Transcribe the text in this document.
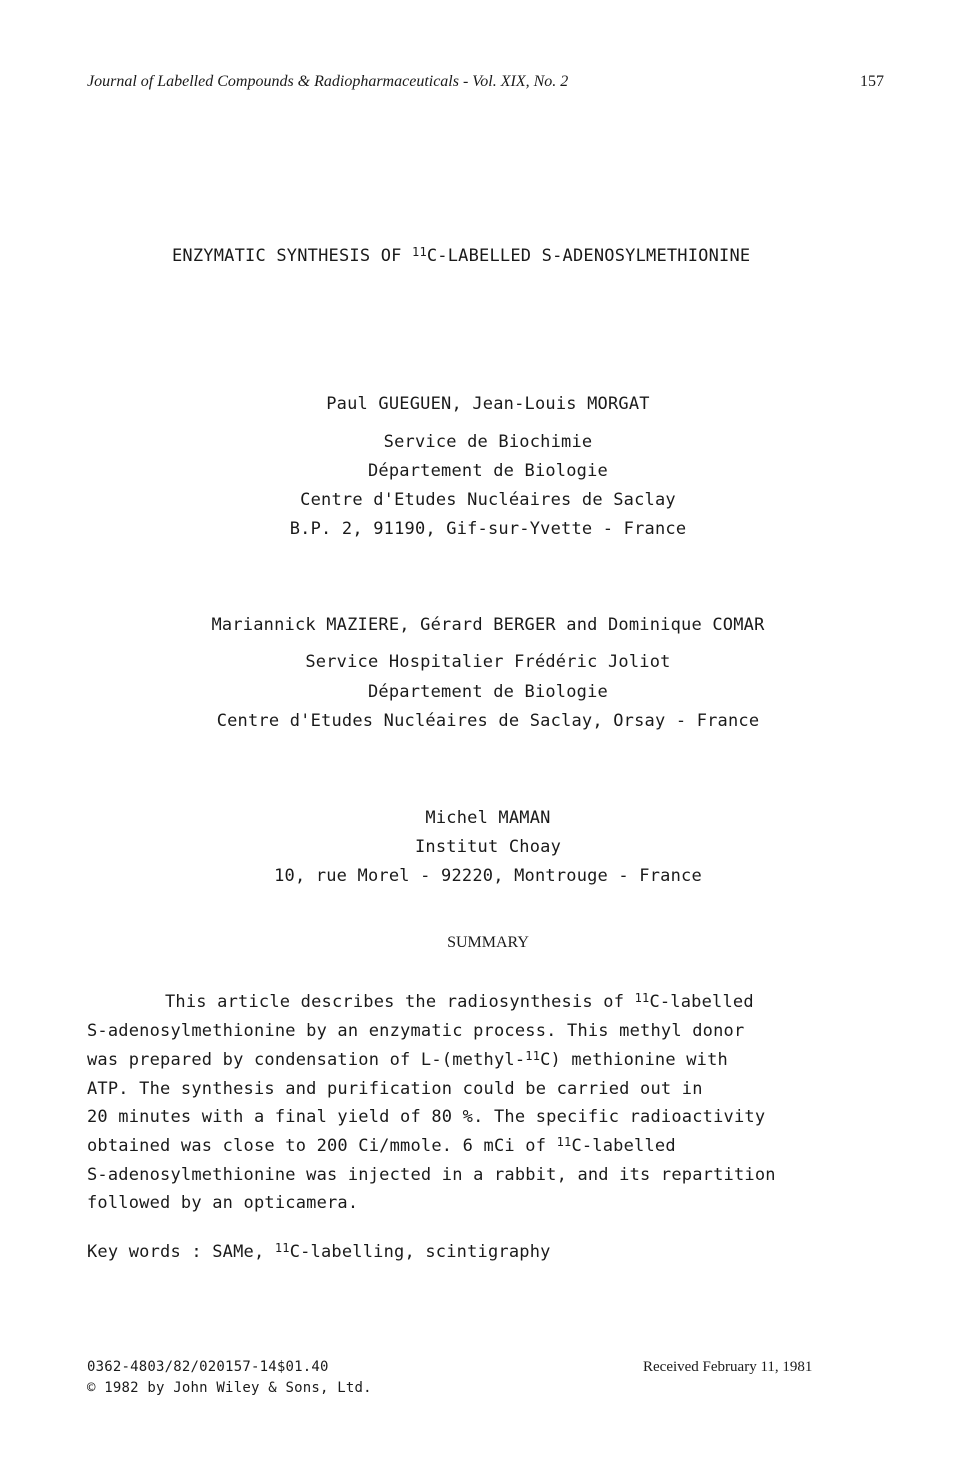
Journal of Labelled Compounds & Radiopharmaceuticals - Vol. XIX, No. 2	157
ENZYMATIC SYNTHESIS OF $^{11}$C-LABELLED S-ADENOSYLMETHIONINE
Paul GUEGUEN, Jean-Louis MORGAT
Service de Biochimie
Département de Biologie
Centre d'Etudes Nucléaires de Saclay
B.P. 2, 91190, Gif-sur-Yvette - France
Mariannick MAZIERE, Gérard BERGER and Dominique COMAR
Service Hospitalier Frédéric Joliot
Département de Biologie
Centre d'Etudes Nucléaires de Saclay, Orsay - France
Michel MAMAN
Institut Choay
10, rue Morel - 92220, Montrouge - France
SUMMARY
This article describes the radiosynthesis of $^{11}$C-labelled
S-adenosylmethionine by an enzymatic process. This methyl donor
was prepared by condensation of L-(methyl-$^{11}$C) methionine with
ATP. The synthesis and purification could be carried out in
20 minutes with a final yield of 80 %. The specific radioactivity
obtained was close to 200 Ci/mmole. 6 mCi of $^{11}$C-labelled
S-adenosylmethionine was injected in a rabbit, and its repartition
followed by an opticamera.
Key words : SAMe, $^{11}$C-labelling, scintigraphy
0362-4803/82/020157-14$01.40
© 1982 by John Wiley & Sons, Ltd.
Received February 11, 1981
